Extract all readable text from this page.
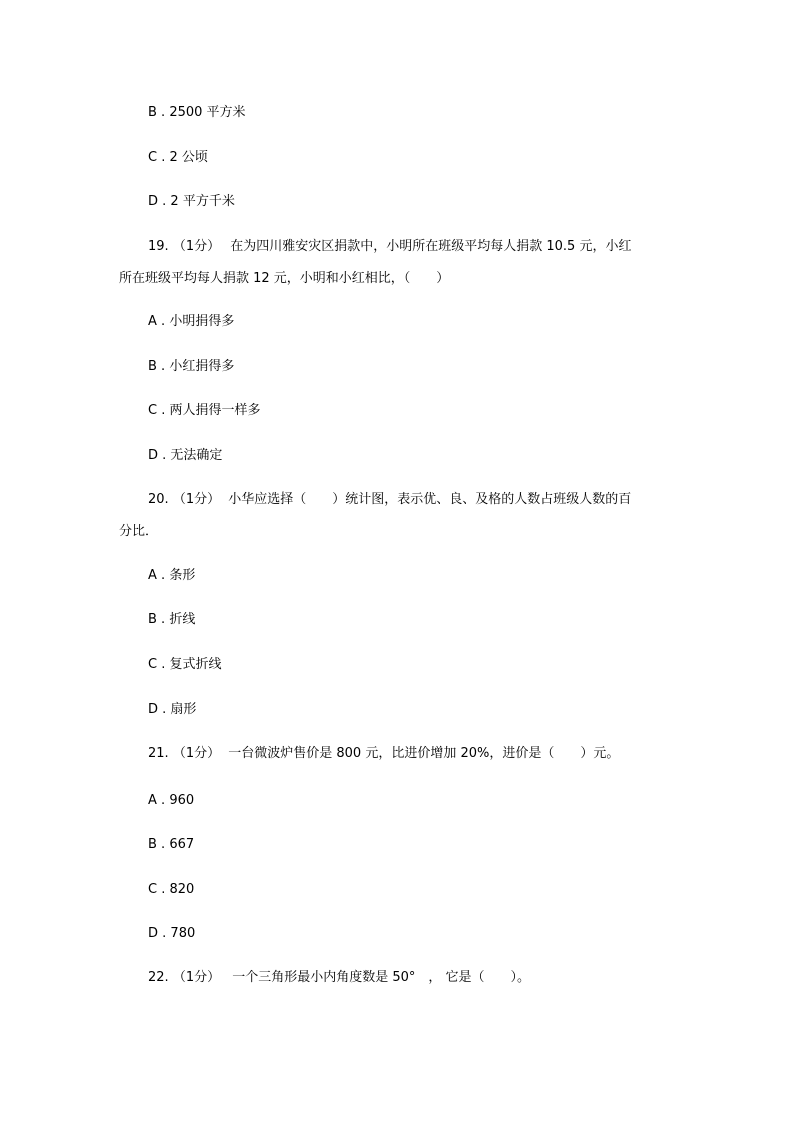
B . 2500 平方米
C . 2 公顷
D . 2 平方千米
19. （1分） 在为四川雅安灾区捐款中，小明所在班级平均每人捐款 10.5 元，小红
所在班级平均每人捐款 12 元，小明和小红相比，（　　）
A . 小明捐得多
B . 小红捐得多
C . 两人捐得一样多
D . 无法确定
20. （1分） 小华应选择（　　）统计图，表示优、良、及格的人数占班级人数的百
分比．
A . 条形
B . 折线
C . 复式折线
D . 扇形
21. （1分） 一台微波炉售价是 800 元，比进价增加 20%，进价是（　　）元。
A . 960
B . 667
C . 820
D . 780
22. （1分） 一个三角形最小内角度数是 50°　， 它是（　　）。
